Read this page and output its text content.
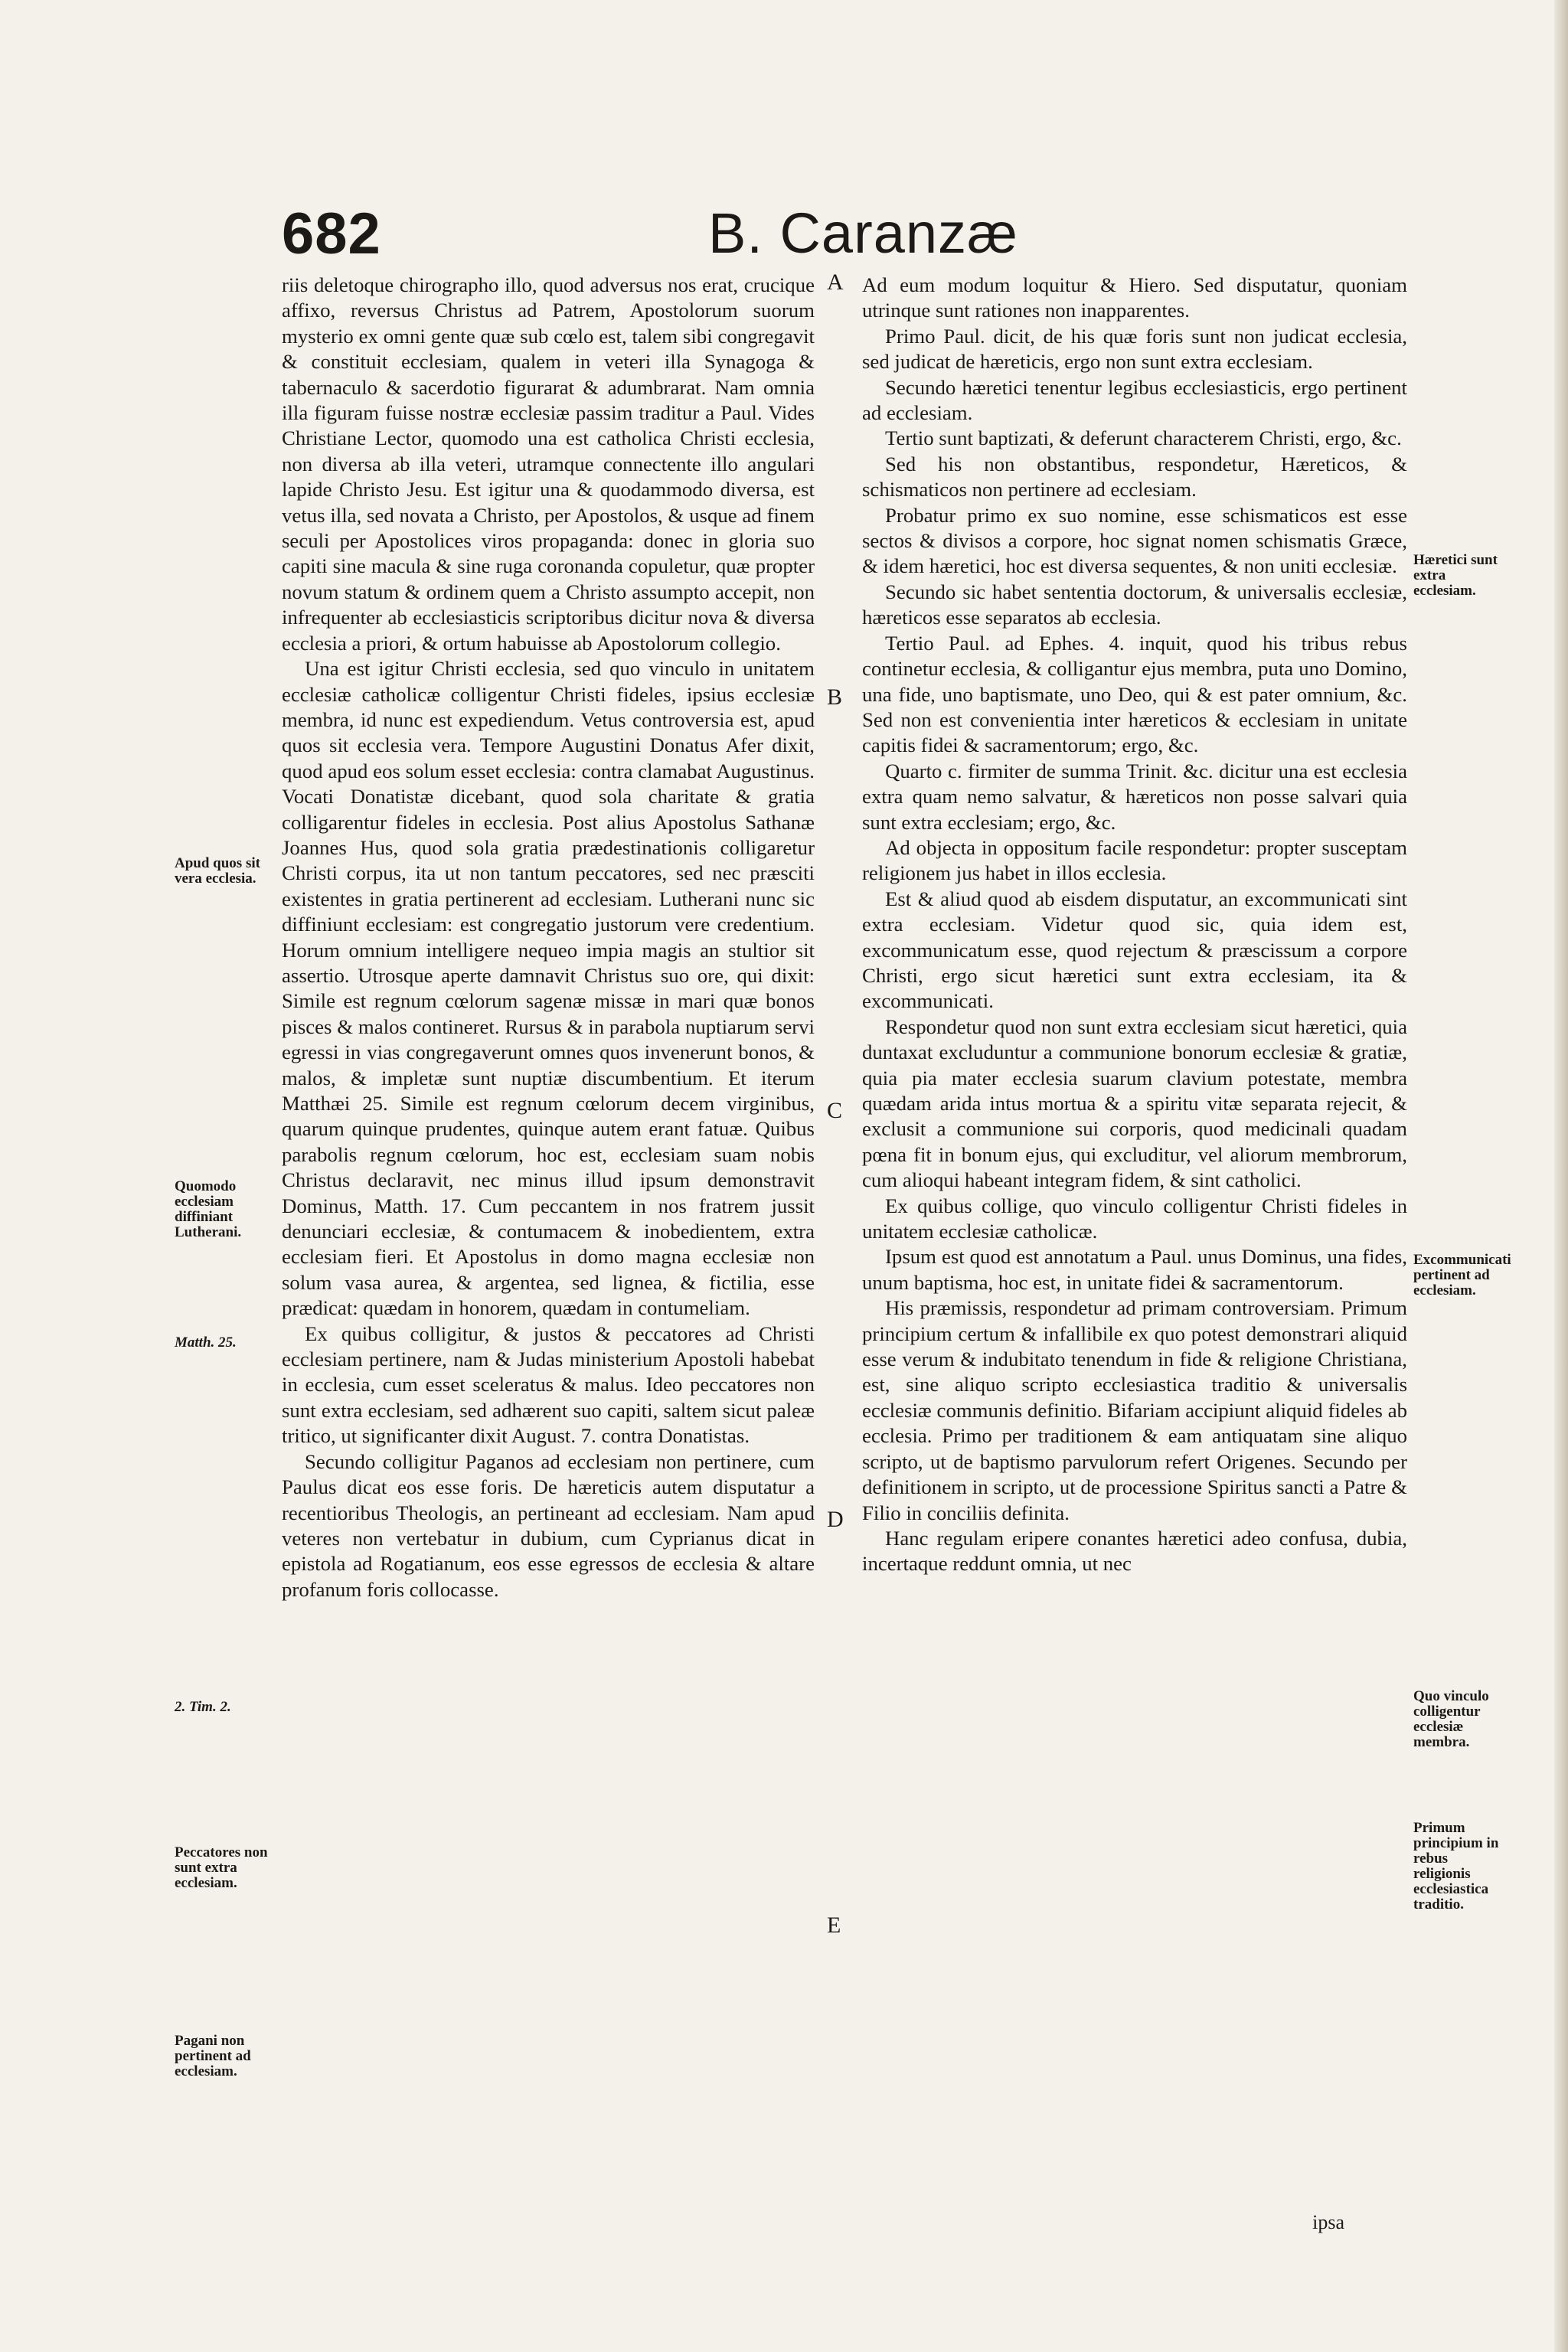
682	B. Caranzæ

riis deletoque chirographo illo, quod adversus nos erat, crucique affixo, reversus Christus ad Patrem, Apostolorum suorum mysterio ex omni gente quæ sub cœlo est, talem sibi congregavit & constituit ecclesiam, qualem in veteri illa Synagoga & tabernaculo & sacerdotio figurarat & adumbrarat. Nam omnia illa figuram fuisse nostræ ecclesiæ passim traditur a Paul. Vides Christiane Lector, quomodo una est catholica Christi ecclesia, non diversa ab illa veteri, utramque connectente illo angulari lapide Christo Jesu. Est igitur una & quodammodo diversa, est vetus illa, sed novata a Christo, per Apostolos, & usque ad finem seculi per Apostolices viros propaganda: donec in gloria suo capiti sine macula & sine ruga coronanda copuletur, quæ propter novum statum & ordinem quem a Christo assumpto accepit, non infrequenter ab ecclesiasticis scriptoribus dicitur nova & diversa ecclesia a priori, & ortum habuisse ab Apostolorum collegio.

Una est igitur Christi ecclesia, sed quo vinculo in unitatem ecclesiæ catholicæ colligentur Christi fideles, ipsius ecclesiæ membra, id nunc est expediendum. Vetus controversia est, apud quos sit ecclesia vera. Tempore Augustini Donatus Afer dixit, quod apud eos solum esset ecclesia: contra clamabat Augustinus. Vocati Donatistæ dicebant, quod sola charitate & gratia colligarentur fideles in ecclesia. Post alius Apostolus Sathanæ Joannes Hus, quod sola gratia prædestinationis colligaretur Christi corpus, ita ut non tantum peccatores, sed nec præsciti existentes in gratia pertinerent ad ecclesiam. Lutherani nunc sic diffiniunt ecclesiam: est congregatio justorum vere credentium. Horum omnium intelligere nequeo impia magis an stultior sit assertio. Utrosque aperte damnavit Christus suo ore, qui dixit: Simile est regnum cœlorum sagenæ missæ in mari quæ bonos pisces & malos contineret. Rursus & in parabola nuptiarum servi egressi in vias congregaverunt omnes quos invenerunt bonos, & malos, & impletæ sunt nuptiæ discumbentium. Et iterum Matthæi 25. Simile est regnum cœlorum decem virginibus, quarum quinque prudentes, quinque autem erant fatuæ. Quibus parabolis regnum cœlorum, hoc est, ecclesiam suam nobis Christus declaravit, nec minus illud ipsum demonstravit Dominus, Matth. 17. Cum peccantem in nos fratrem jussit denunciari ecclesiæ, & contumacem & inobedientem, extra ecclesiam fieri. Et Apostolus in domo magna ecclesiæ non solum vasa aurea, & argentea, sed lignea, & fictilia, esse prædicat: quædam in honorem, quædam in contumeliam.

Ex quibus colligitur, & justos & peccatores ad Christi ecclesiam pertinere, nam & Judas ministerium Apostoli habebat in ecclesia, cum esset sceleratus & malus. Ideo peccatores non sunt extra ecclesiam, sed adhærent suo capiti, saltem sicut paleæ tritico, ut significanter dixit August. 7. contra Donatistas.

Secundo colligitur Paganos ad ecclesiam non pertinere, cum Paulus dicat eos esse foris. De hæreticis autem disputatur a recentioribus Theologis, an pertineant ad ecclesiam. Nam apud veteres non vertebatur in dubium, cum Cyprianus dicat in epistola ad Rogatianum, eos esse egressos de ecclesia & altare profanum foris collocasse.

Ad eum modum loquitur & Hiero. Sed disputatur, quoniam utrinque sunt rationes non inapparentes.

Primo Paul. dicit, de his quæ foris sunt non judicat ecclesia, sed judicat de hæreticis, ergo non sunt extra ecclesiam.

Secundo hæretici tenentur legibus ecclesiasticis, ergo pertinent ad ecclesiam.

Tertio sunt baptizati, & deferunt characterem Christi, ergo, &c.

Sed his non obstantibus, respondetur, Hæreticos, & schismaticos non pertinere ad ecclesiam.

Probatur primo ex suo nomine, esse schismaticos est esse sectos & divisos a corpore, hoc signat nomen schismatis Græce, & idem hæretici, hoc est diversa sequentes, & non uniti ecclesiæ.

Secundo sic habet sententia doctorum, & universalis ecclesiæ, hæreticos esse separatos ab ecclesia.

Tertio Paul. ad Ephes. 4. inquit, quod his tribus rebus continetur ecclesia, & colligantur ejus membra, puta uno Domino, una fide, uno baptismate, uno Deo, qui & est pater omnium, &c. Sed non est convenientia inter hæreticos & ecclesiam in unitate capitis fidei & sacramentorum; ergo, &c.

Quarto c. firmiter de summa Trinit. &c. dicitur una est ecclesia extra quam nemo salvatur, & hæreticos non posse salvari quia sunt extra ecclesiam; ergo, &c.

Ad objecta in oppositum facile respondetur: propter susceptam religionem jus habet in illos ecclesia.

Est & aliud quod ab eisdem disputatur, an excommunicati sint extra ecclesiam. Videtur quod sic, quia idem est, excommunicatum esse, quod rejectum & præscissum a corpore Christi, ergo sicut hæretici sunt extra ecclesiam, ita & excommunicati.

Respondetur quod non sunt extra ecclesiam sicut hæretici, quia duntaxat excluduntur a communione bonorum ecclesiæ & gratiæ, quia pia mater ecclesia suarum clavium potestate, membra quædam arida intus mortua & a spiritu vitæ separata rejecit, & exclusit a communione sui corporis, quod medicinali quadam pœna fit in bonum ejus, qui excluditur, vel aliorum membrorum, cum alioqui habeant integram fidem, & sint catholici.

Ex quibus collige, quo vinculo colligentur Christi fideles in unitatem ecclesiæ catholicæ.

Ipsum est quod est annotatum a Paul. unus Dominus, una fides, unum baptisma, hoc est, in unitate fidei & sacramentorum.

His præmissis, respondetur ad primam controversiam. Primum principium certum & infallibile ex quo potest demonstrari aliquid esse verum & indubitato tenendum in fide & religione Christiana, est, sine aliquo scripto ecclesiastica traditio & universalis ecclesiæ communis definitio. Bifariam accipiunt aliquid fideles ab ecclesia. Primo per traditionem & eam antiquatam sine aliquo scripto, ut de baptismo parvulorum refert Origenes. Secundo per definitionem in scripto, ut de processione Spiritus sancti a Patre & Filio in conciliis definita.

Hanc regulam eripere conantes hæretici adeo confusa, dubia, incertaque reddunt omnia, ut nec

A
B
C
D
E
Apud quos sit vera ecclesia.
Quomodo ecclesiam diffiniant Lutherani.
Matth. 25.
2. Tim. 2.
Peccatores non sunt extra ecclesiam.
Pagani non pertinent ad ecclesiam.
Hæretici sunt extra ecclesiam.
Excommunicati pertinent ad ecclesiam.
Quo vinculo colligentur ecclesiæ membra.
Primum principium in rebus religionis ecclesiastica traditio.
ipsa
